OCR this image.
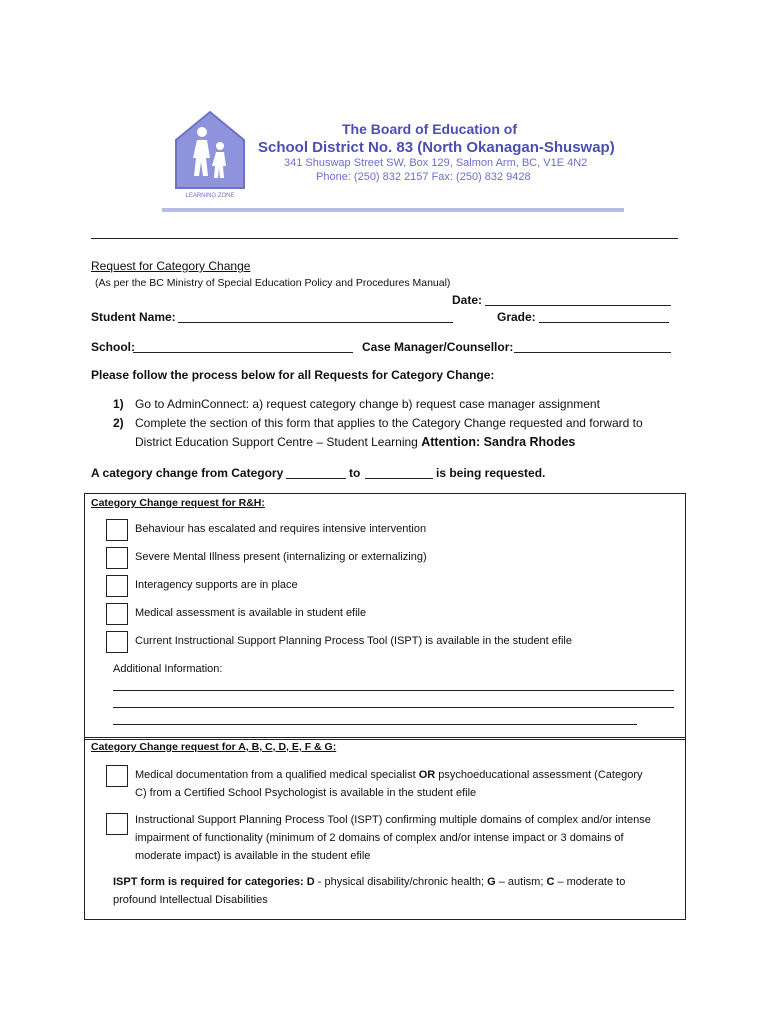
LEARNING ZONE
The Board of Education of
School District No. 83 (North Okanagan-Shuswap)
341 Shuswap Street SW, Box 129, Salmon Arm, BC, V1E 4N2
Phone: (250) 832 2157 Fax: (250) 832 9428
Request for Category Change
(As per the BC Ministry of Special Education Policy and Procedures Manual)
Date:
Student Name:	Grade:
School:	Case Manager/Counsellor:
Please follow the process below for all Requests for Category Change:
1) Go to AdminConnect: a) request category change b) request case manager assignment
2) Complete the section of this form that applies to the Category Change requested and forward to
District Education Support Centre – Student Learning Attention: Sandra Rhodes
A category change from Category	to	is being requested.
Category Change request for R&H:
Behaviour has escalated and requires intensive intervention
Severe Mental Illness present (internalizing or externalizing)
Interagency supports are in place
Medical assessment is available in student efile
Current Instructional Support Planning Process Tool (ISPT) is available in the student efile
Additional Information:
Category Change request for A, B, C, D, E, F & G:
Medical documentation from a qualified medical specialist OR psychoeducational assessment (Category
C) from a Certified School Psychologist is available in the student efile
Instructional Support Planning Process Tool (ISPT) confirming multiple domains of complex and/or intense
impairment of functionality (minimum of 2 domains of complex and/or intense impact or 3 domains of
moderate impact) is available in the student efile
ISPT form is required for categories: D - physical disability/chronic health; G – autism; C – moderate to
profound Intellectual Disabilities
